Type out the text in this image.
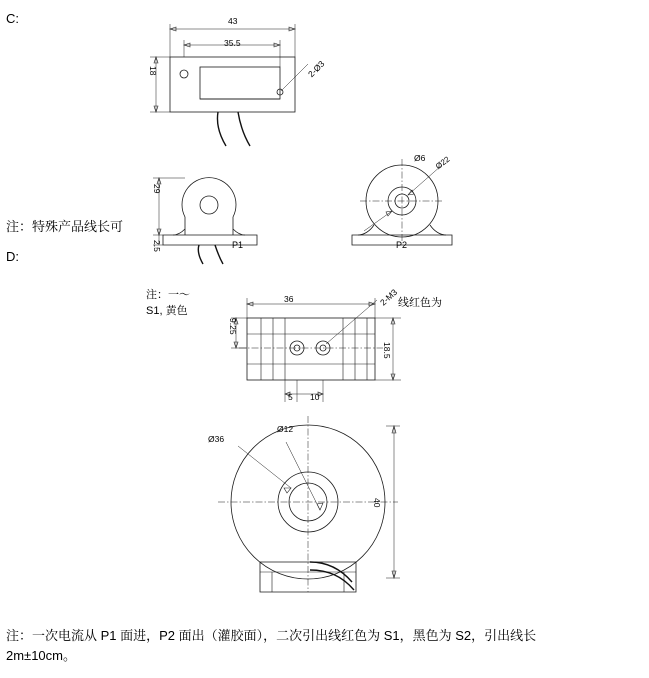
C:
注：特殊产品线长可
D:
43
35.5
18	2-Ø3
29
2.5	P1
Ø6 Ø22
P2
注：一～
S1, 黄色
线红色为
36	2-M3
9.25
18.5
5 10
Ø36
Ø12
40
注：一次电流从 P1 面进，P2 面出（灌胶面），二次引出线红色为 S1，黑色为 S2，引出线长
2m±10cm。
